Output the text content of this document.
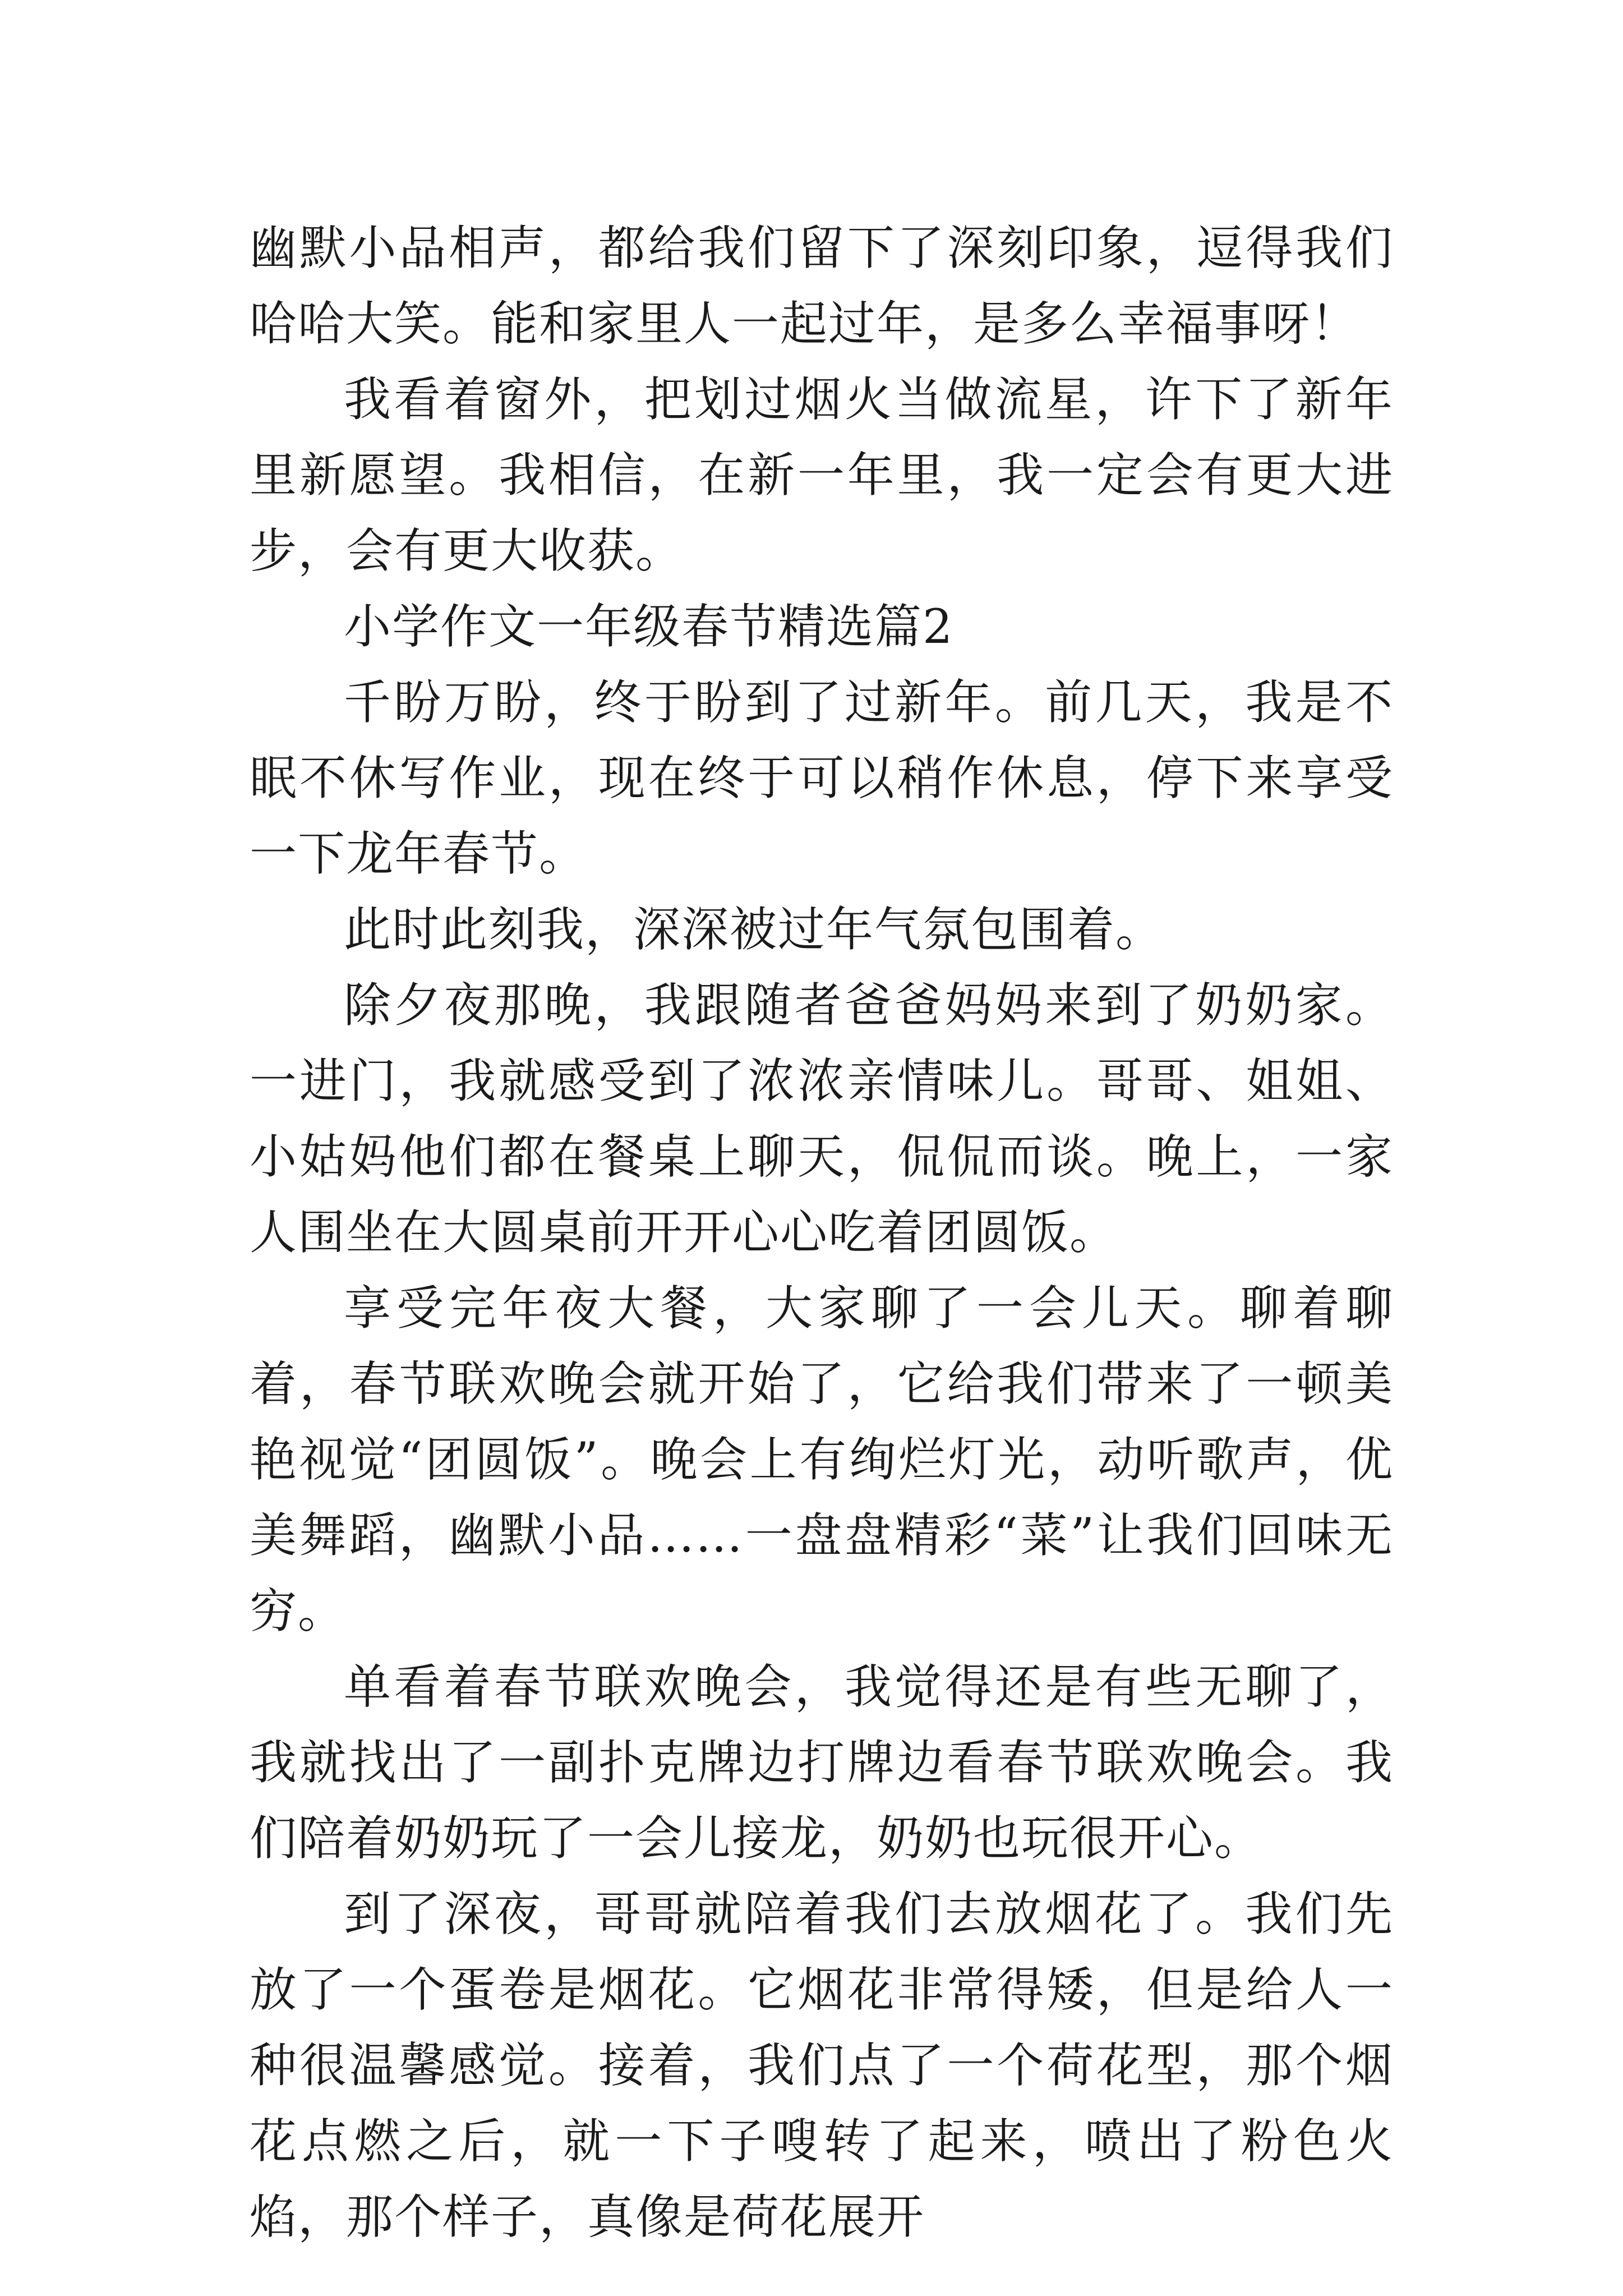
幽默小品相声，都给我们留下了深刻印象，逗得我们哈哈大笑。能和家里人一起过年，是多么幸福事呀！

我看着窗外，把划过烟火当做流星，许下了新年里新愿望。我相信，在新一年里，我一定会有更大进步，会有更大收获。

小学作文一年级春节精选篇2

千盼万盼，终于盼到了过新年。前几天，我是不眠不休写作业，现在终于可以稍作休息，停下来享受一下龙年春节。

此时此刻我，深深被过年气氛包围着。

除夕夜那晚，我跟随者爸爸妈妈来到了奶奶家。一进门，我就感受到了浓浓亲情味儿。哥哥、姐姐、小姑妈他们都在餐桌上聊天，侃侃而谈。晚上，一家人围坐在大圆桌前开开心心吃着团圆饭。

享受完年夜大餐，大家聊了一会儿天。聊着聊着，春节联欢晚会就开始了，它给我们带来了一顿美艳视觉“团圆饭”。晚会上有绚烂灯光，动听歌声，优美舞蹈，幽默小品……一盘盘精彩“菜”让我们回味无穷。

单看着春节联欢晚会，我觉得还是有些无聊了，我就找出了一副扑克牌边打牌边看春节联欢晚会。我们陪着奶奶玩了一会儿接龙，奶奶也玩很开心。

到了深夜，哥哥就陪着我们去放烟花了。我们先放了一个蛋卷是烟花。它烟花非常得矮，但是给人一种很温馨感觉。接着，我们点了一个荷花型，那个烟花点燃之后，就一下子嗖转了起来，喷出了粉色火焰，那个样子，真像是荷花展开
